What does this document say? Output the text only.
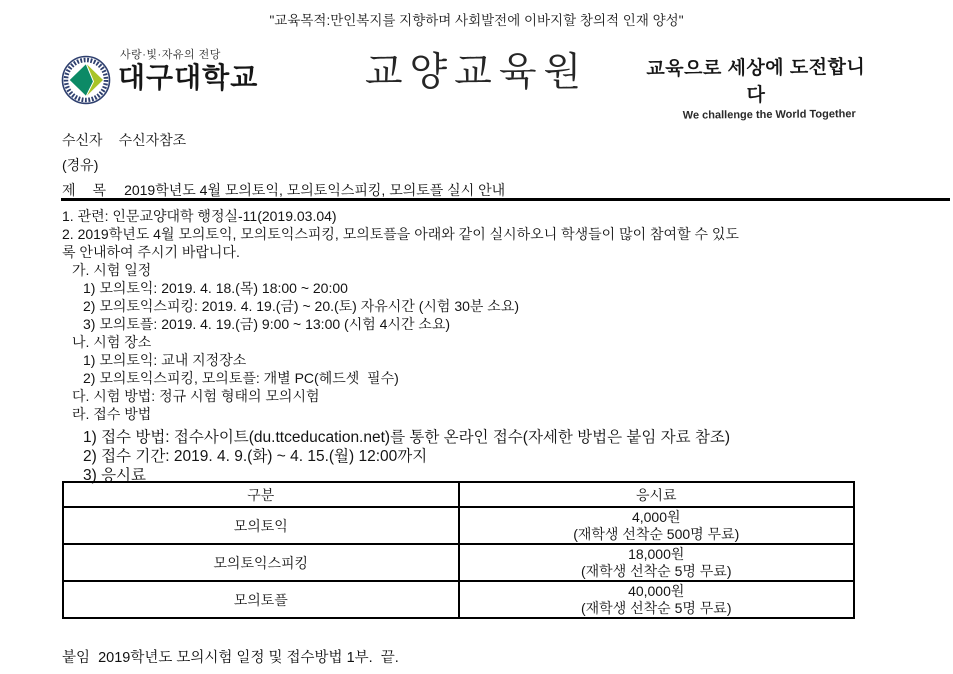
"교육목적:만인복지를 지향하며 사회발전에 이바지할 창의적 인재 양성"
사랑·빛·자유의 전당
대구대학교	교양교육원	교육으로 세상에 도전합니다
We challenge the World Together
수신자 수신자참조
(경유)
제 목 2019학년도 4월 모의토익, 모의토익스피킹, 모의토플 실시 안내
1. 관련: 인문교양대학 행정실-11(2019.03.04)
2. 2019학년도 4월 모의토익, 모의토익스피킹, 모의토플을 아래와 같이 실시하오니 학생들이 많이 참여할 수 있도
록 안내하여 주시기 바랍니다.
가. 시험 일정
1) 모의토익: 2019. 4. 18.(목) 18:00 ~ 20:00
2) 모의토익스피킹: 2019. 4. 19.(금) ~ 20.(토) 자유시간 (시험 30분 소요)
3) 모의토플: 2019. 4. 19.(금) 9:00 ~ 13:00 (시험 4시간 소요)
나. 시험 장소
1) 모의토익: 교내 지정장소
2) 모의토익스피킹, 모의토플: 개별 PC(헤드셋  필수)
다. 시험 방법: 정규 시험 형태의 모의시험
라. 접수 방법
1) 접수 방법: 접수사이트(du.ttceducation.net)를 통한 온라인 접수(자세한 방법은 붙임 자료 참조)
2) 접수 기간: 2019. 4. 9.(화) ~ 4. 15.(월) 12:00까지
3) 응시료
구분	응시료
모의토익	4,000원
(재학생 선착순 500명 무료)

모의토익스피킹	18,000원
(재학생 선착순 5명 무료)

모의토플	40,000원
(재학생 선착순 5명 무료)
붙임  2019학년도 모의시험 일정 및 접수방법 1부.  끝.
